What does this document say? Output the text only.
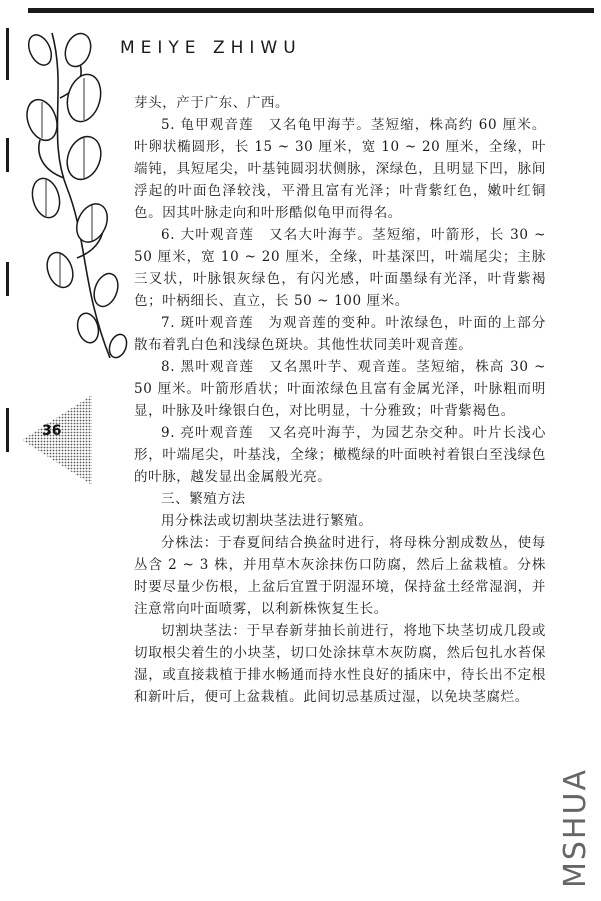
MEIYE ZHIWU
36

芽头，产于广东、广西。

5. 龟甲观音莲　又名龟甲海芋。茎短缩，株高约 60 厘米。叶卵状椭圆形，长 15 ~ 30 厘米，宽 10 ~ 20 厘米，全缘，叶端钝，具短尾尖，叶基钝圆羽状侧脉，深绿色，且明显下凹，脉间浮起的叶面色泽较浅，平滑且富有光泽；叶背紫红色，嫩叶红铜色。因其叶脉走向和叶形酷似龟甲而得名。

6. 大叶观音莲　又名大叶海芋。茎短缩，叶箭形，长 30 ~ 50 厘米，宽 10 ~ 20 厘米，全缘，叶基深凹，叶端尾尖；主脉三叉状，叶脉银灰绿色，有闪光感，叶面墨绿有光泽，叶背紫褐色；叶柄细长、直立，长 50 ~ 100 厘米。

7. 斑叶观音莲　为观音莲的变种。叶浓绿色，叶面的上部分散布着乳白色和浅绿色斑块。其他性状同美叶观音莲。

8. 黑叶观音莲　又名黑叶芋、观音莲。茎短缩，株高 30 ~ 50 厘米。叶箭形盾状；叶面浓绿色且富有金属光泽，叶脉粗而明显，叶脉及叶缘银白色，对比明显，十分雅致；叶背紫褐色。

9. 亮叶观音莲　又名亮叶海芋，为园艺杂交种。叶片长浅心形，叶端尾尖，叶基浅，全缘；橄榄绿的叶面映衬着银白至浅绿色的叶脉，越发显出金属般光亮。

三、繁殖方法

用分株法或切割块茎法进行繁殖。

分株法：于春夏间结合换盆时进行，将母株分割成数丛，使每丛含 2 ~ 3 株，并用草木灰涂抹伤口防腐，然后上盆栽植。分株时要尽量少伤根，上盆后宜置于阴湿环境，保持盆土经常湿润，并注意常向叶面喷雾，以利新株恢复生长。

切割块茎法：于早春新芽抽长前进行，将地下块茎切成几段或切取根尖着生的小块茎，切口处涂抹草木灰防腐，然后包扎水苔保湿，或直接栽植于排水畅通而持水性良好的插床中，待长出不定根和新叶后，便可上盆栽植。此间切忌基质过湿，以免块茎腐烂。

MSHUA
